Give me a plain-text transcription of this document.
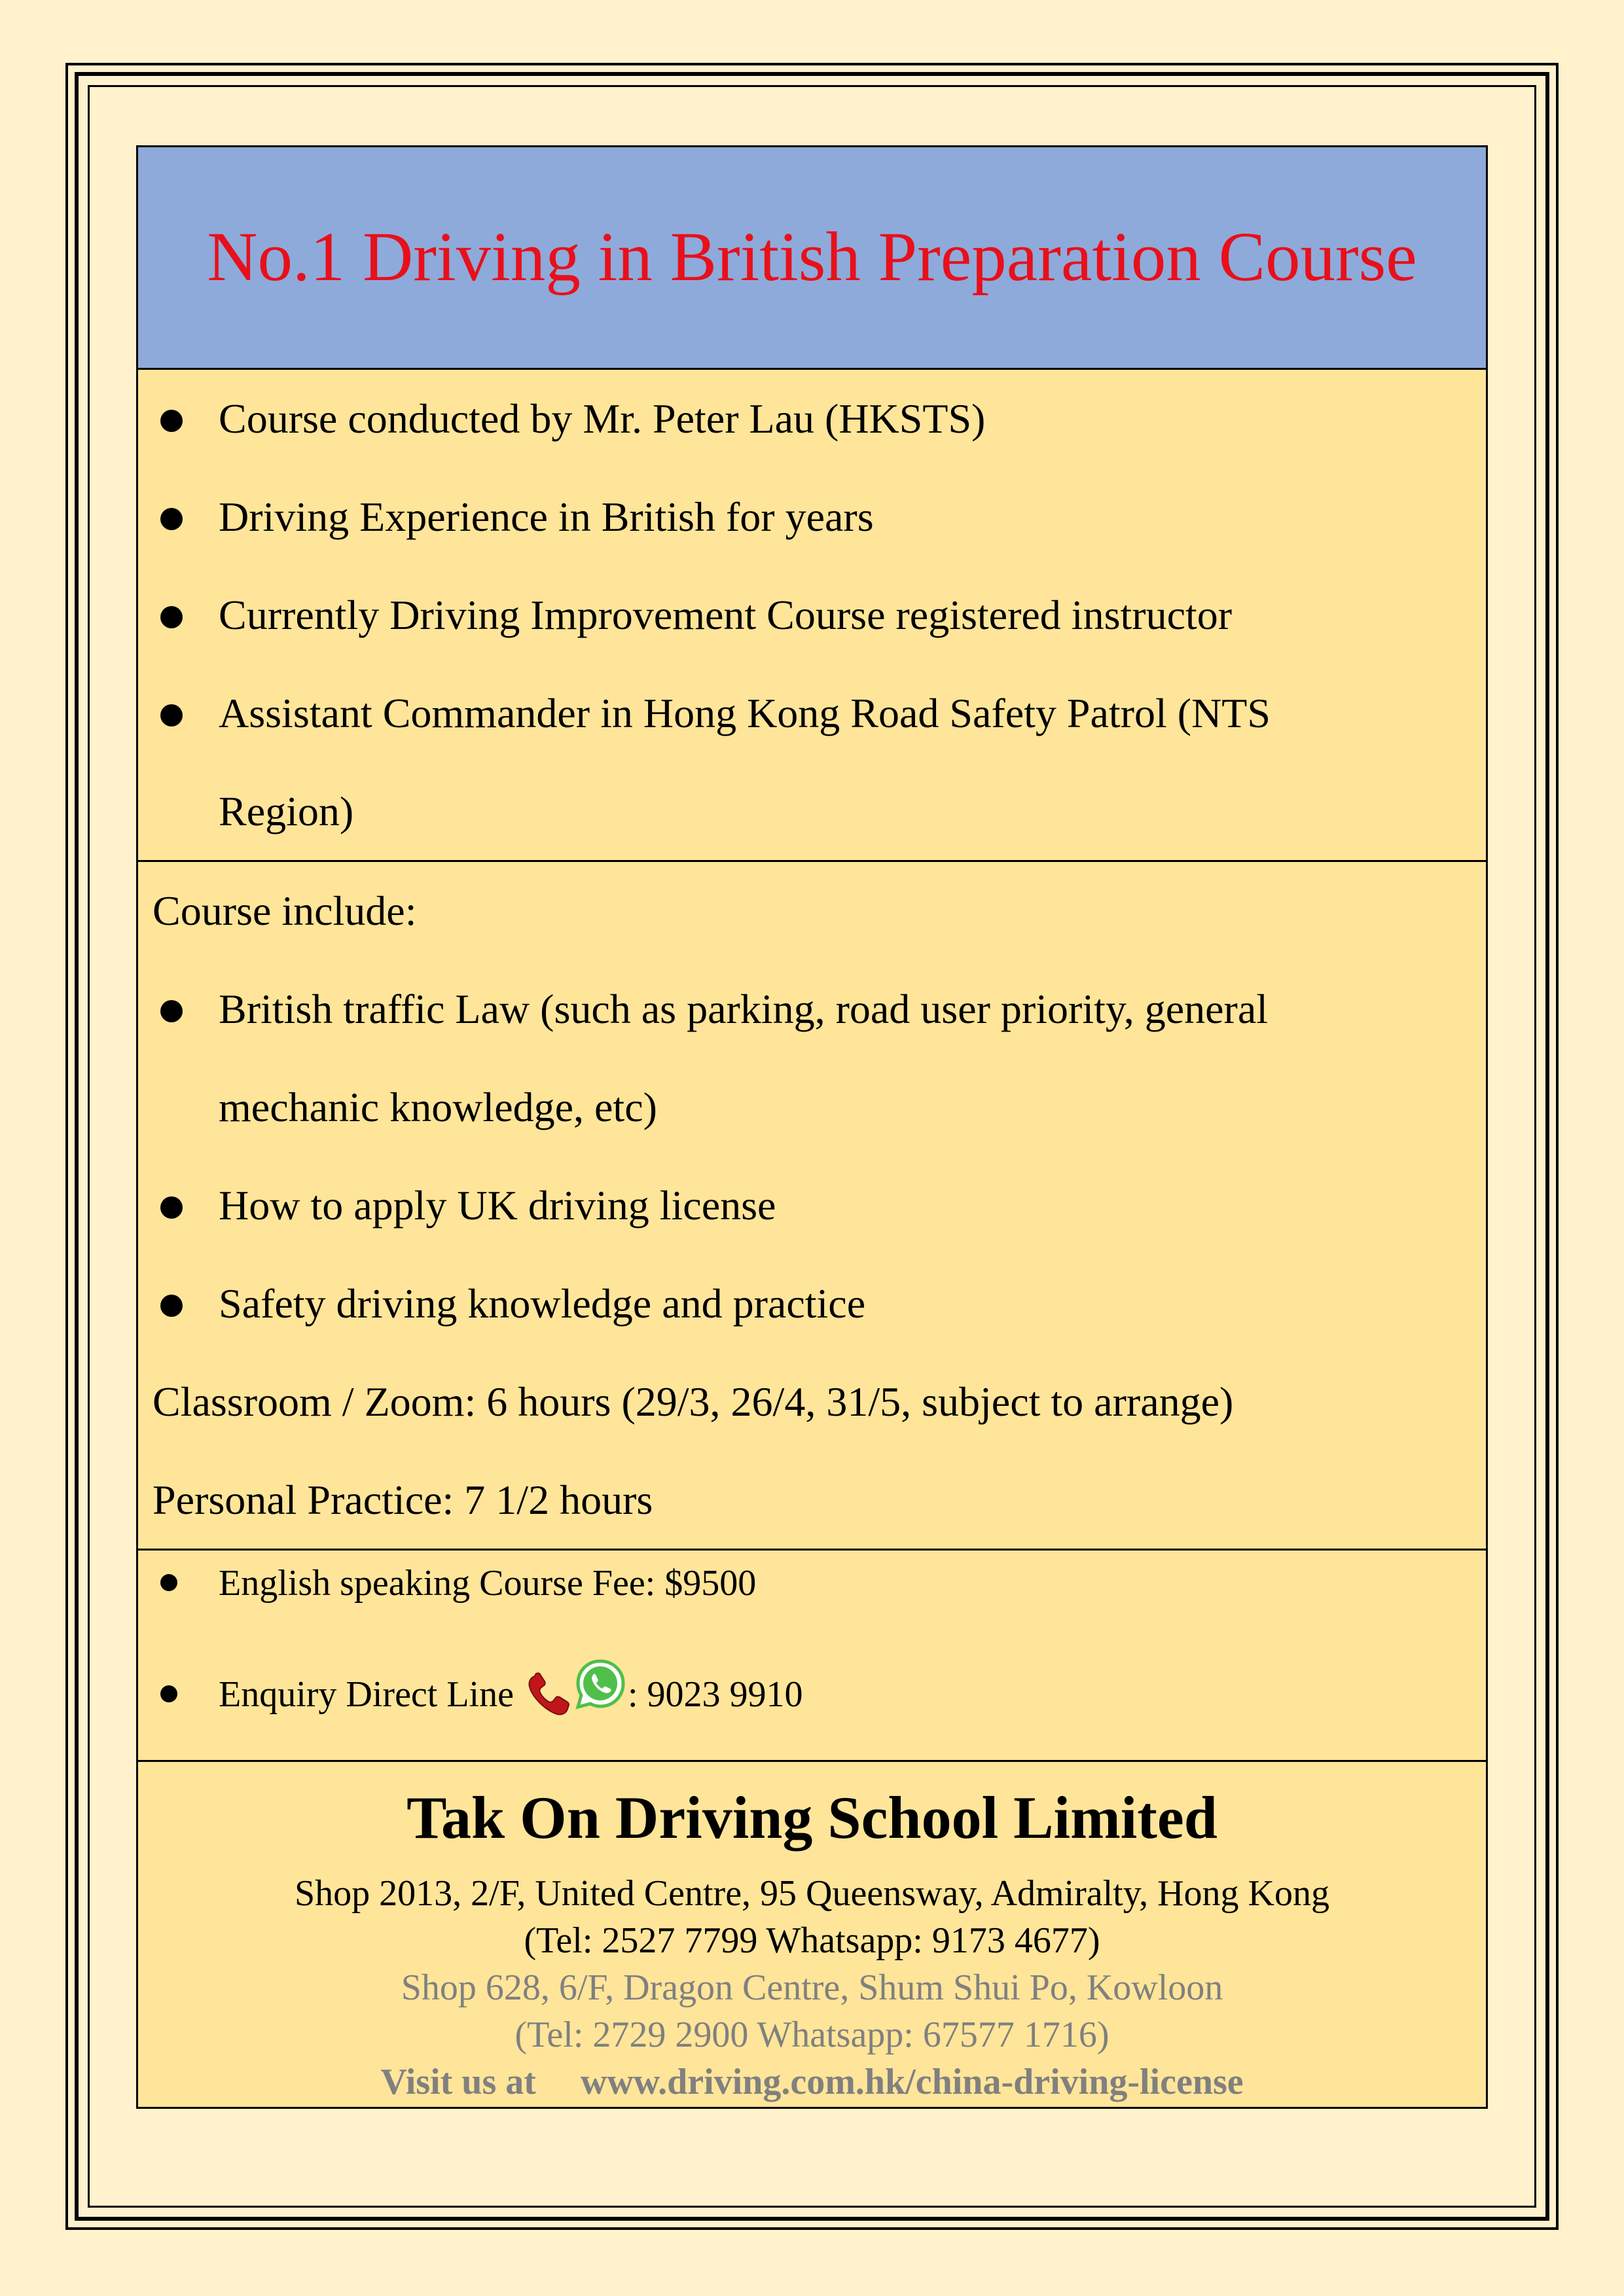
No.1 Driving in British Preparation Course
Course conducted by Mr. Peter Lau (HKSTS)
Driving Experience in British for years
Currently Driving Improvement Course registered instructor
Assistant Commander in Hong Kong Road Safety Patrol (NTS
Region)
Course include:
British traffic Law (such as parking, road user priority, general
mechanic knowledge, etc)
How to apply UK driving license
Safety driving knowledge and practice
Classroom / Zoom: 6 hours (29/3, 26/4, 31/5, subject to arrange)
Personal Practice: 7 1/2 hours
English speaking Course Fee: $9500
Enquiry Direct Line	: 9023 9910
Tak On Driving School Limited
Shop 2013, 2/F, United Centre, 95 Queensway, Admiralty, Hong Kong
(Tel: 2527 7799 Whatsapp: 9173 4677)
Shop 628, 6/F, Dragon Centre, Shum Shui Po, Kowloon
(Tel: 2729 2900 Whatsapp: 67577 1716)
Visit us at www.driving.com.hk/china-driving-license
